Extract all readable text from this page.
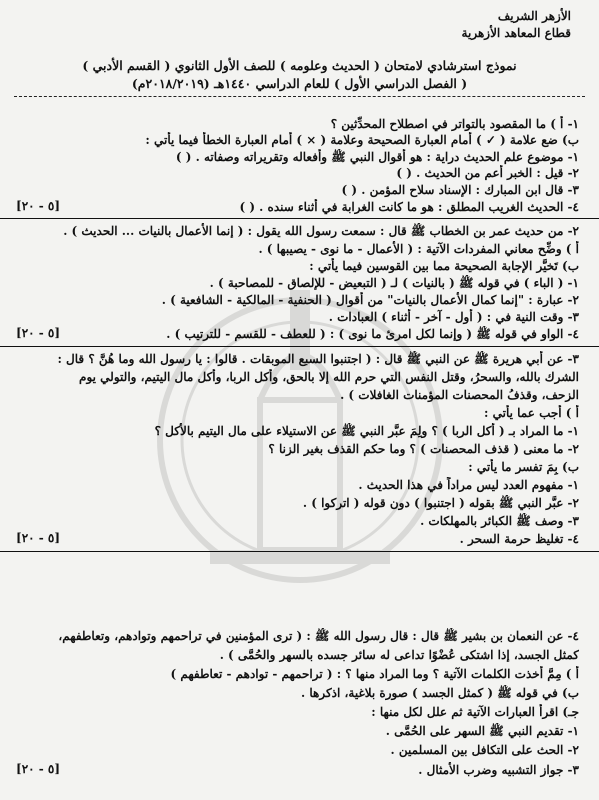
الأزهر الشريف
قطاع المعاهد الأزهرية
نموذج استرشادي لامتحان ( الحديث وعلومه ) للصف الأول الثانوي ( القسم الأدبي )
( الفصل الدراسي الأول ) للعام الدراسي ١٤٤٠هـ (٢٠١٨/٢٠١٩م)
١- أ ) ما المقصود بالتواتر في اصطلاح المحدِّثين ؟
ب) ضع علامة ( ✓ ) أمام العبارة الصحيحة وعلامة ( × ) أمام العبارة الخطأ فيما يأتي :
١- موضوع علم الحديث دراية : هو أقوال النبي ﷺ وأفعاله وتقريراته وصفاته . ( )
٢- قيل : الخبر أعم من الحديث . ( )
٣- قال ابن المبارك : الإسناد سلاح المؤمن . ( )
٤- الحديث الغريب المطلق : هو ما كانت الغرابة في أثناء سنده . ( )
[٥ - ٢٠]
٢- من حديث عمر بن الخطاب ﷺ قال : سمعت رسول الله يقول : ( إنما الأعمال بالنيات ... الحديث ) .
أ ) وضِّح معاني المفردات الآتية : ( الأعمال - ما نوى - يصيبها ) .
ب) تَخيَّر الإجابة الصحيحة مما بين القوسين فيما يأتي :
١- ( الباء ) في قوله ﷺ ( بالنيات ) لـ ( التبعيض - للإلصاق - للمصاحبة ) .
٢- عبارة : "إنما كمال الأعمال بالنيات" من أقوال ( الحنفية - المالكية - الشافعية ) .
٣- وقت النية في : ( أول - آخر - أثناء ) العبادات .
٤- الواو في قوله ﷺ ( وإنما لكل امرئ ما نوى ) : ( للعطف - للقسم - للترتيب ) .
[٥ - ٢٠]
٣- عن أبي هريرة ﷺ عن النبي ﷺ قال : ( اجتنبوا السبع الموبقات . قالوا : يا رسول الله وما هُنَّ ؟ قال :
الشرك بالله، والسحرُ، وقتل النفس التي حرم الله إلا بالحق، وأكل الربا، وأكل مال اليتيم، والتولي يوم
الزحف، وقذفُ المحصنات المؤمنات الغافلات ) .
أ ) أجب عما يأتي :
١- ما المراد بـ ( أكل الربا ) ؟ ولِمَ عبَّر النبي ﷺ عن الاستيلاء على مال اليتيم بالأكل ؟
٢- ما معنى ( قذف المحصنات ) ؟ وما حكم القذف بغير الزنا ؟
ب) بِمَ تفسر ما يأتي :
١- مفهوم العدد ليس مراداً في هذا الحديث .
٢- عبَّر النبي ﷺ بقوله ( اجتنبوا ) دون قوله ( اتركوا ) .
٣- وصف ﷺ الكبائر بالمهلكات .
٤- تغليظ حرمة السحر .
[٥ - ٢٠]
٤- عن النعمان بن بشير ﷺ قال : قال رسول الله ﷺ : ( ترى المؤمنين في تراحمهم وتوادهم، وتعاطفهم،
كمثل الجسد، إذا اشتكى عُضْوًا تداعى له سائر جسده بالسهر والحُمَّى ) .
أ ) مِمَّ أخذت الكلمات الآتية ؟ وما المراد منها ؟ : ( تراحمهم - توادهم - تعاطفهم )
ب) في قوله ﷺ ( كمثل الجسد ) صورة بلاغية، اذكرها .
جـ) اقرأ العبارات الآتية ثم علل لكل منها :
١- تقديم النبي ﷺ السهر على الحُمَّى .
٢- الحث على التكافل بين المسلمين .
٣- جواز التشبيه وضرب الأمثال .
[٥ - ٢٠]
